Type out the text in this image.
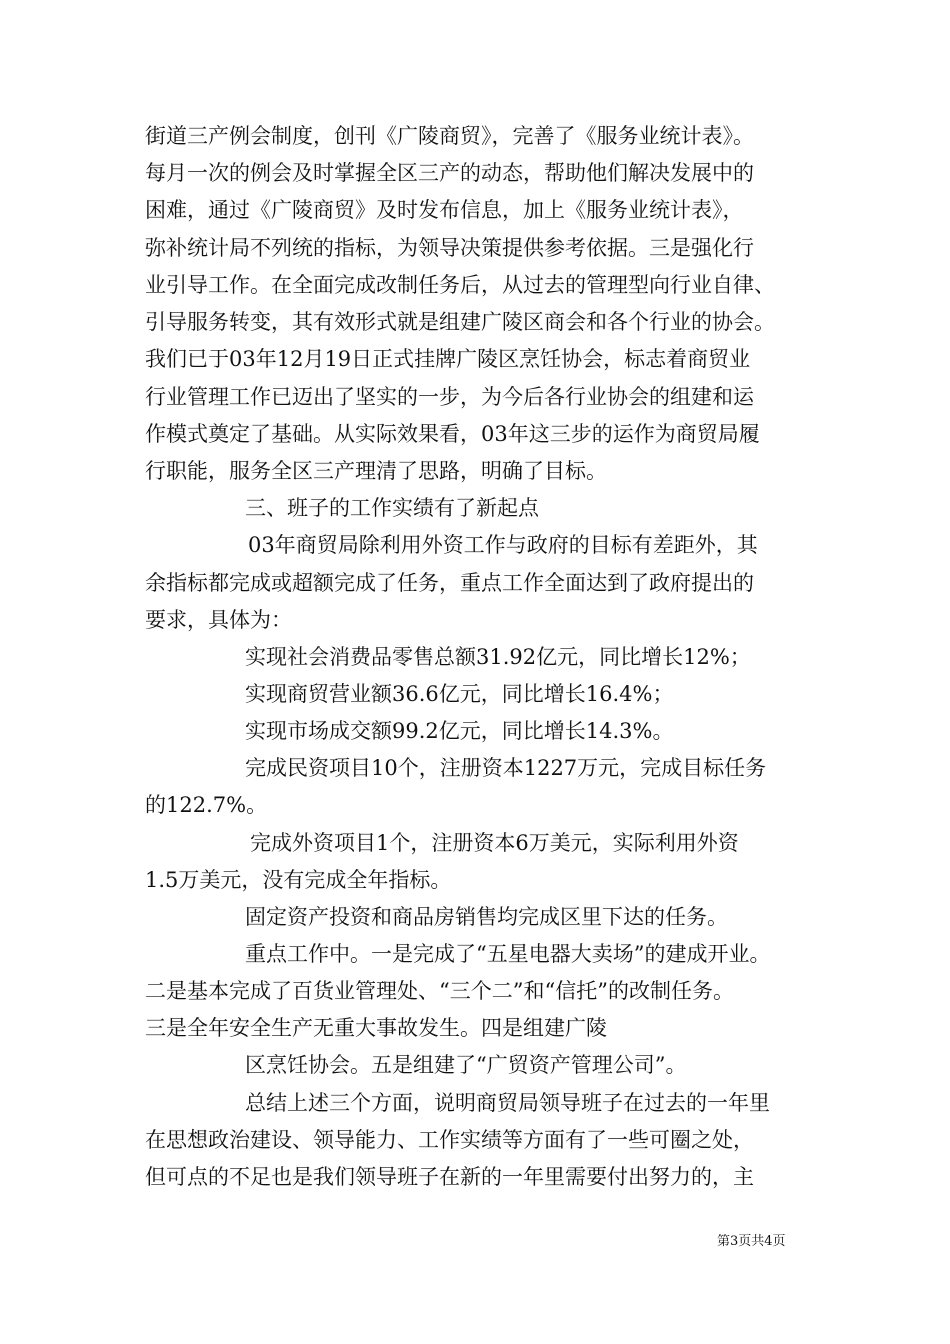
街道三产例会制度，创刊《广陵商贸》，完善了《服务业统计表》。

每月一次的例会及时掌握全区三产的动态，帮助他们解决发展中的

困难，通过《广陵商贸》及时发布信息，加上《服务业统计表》，

弥补统计局不列统的指标，为领导决策提供参考依据。三是强化行

业引导工作。在全面完成改制任务后，从过去的管理型向行业自律、

引导服务转变，其有效形式就是组建广陵区商会和各个行业的协会。

我们已于03年12月19日正式挂牌广陵区烹饪协会，标志着商贸业

行业管理工作已迈出了坚实的一步，为今后各行业协会的组建和运

作模式奠定了基础。从实际效果看，03年这三步的运作为商贸局履

行职能，服务全区三产理清了思路，明确了目标。

三、班子的工作实绩有了新起点

03年商贸局除利用外资工作与政府的目标有差距外，其

余指标都完成或超额完成了任务，重点工作全面达到了政府提出的

要求，具体为：

实现社会消费品零售总额31.92亿元，同比增长12%；

实现商贸营业额36.6亿元，同比增长16.4%；

实现市场成交额99.2亿元，同比增长14.3%。

完成民资项目10个，注册资本1227万元，完成目标任务

的122.7%。

完成外资项目1个，注册资本6万美元，实际利用外资

1.5万美元，没有完成全年指标。

固定资产投资和商品房销售均完成区里下达的任务。

重点工作中。一是完成了“五星电器大卖场”的建成开业。

二是基本完成了百货业管理处、“三个二”和“信托”的改制任务。

三是全年安全生产无重大事故发生。四是组建广陵

区烹饪协会。五是组建了“广贸资产管理公司”。

总结上述三个方面，说明商贸局领导班子在过去的一年里

在思想政治建设、领导能力、工作实绩等方面有了一些可圈之处，

但可点的不足也是我们领导班子在新的一年里需要付出努力的，主

第3页共4页
